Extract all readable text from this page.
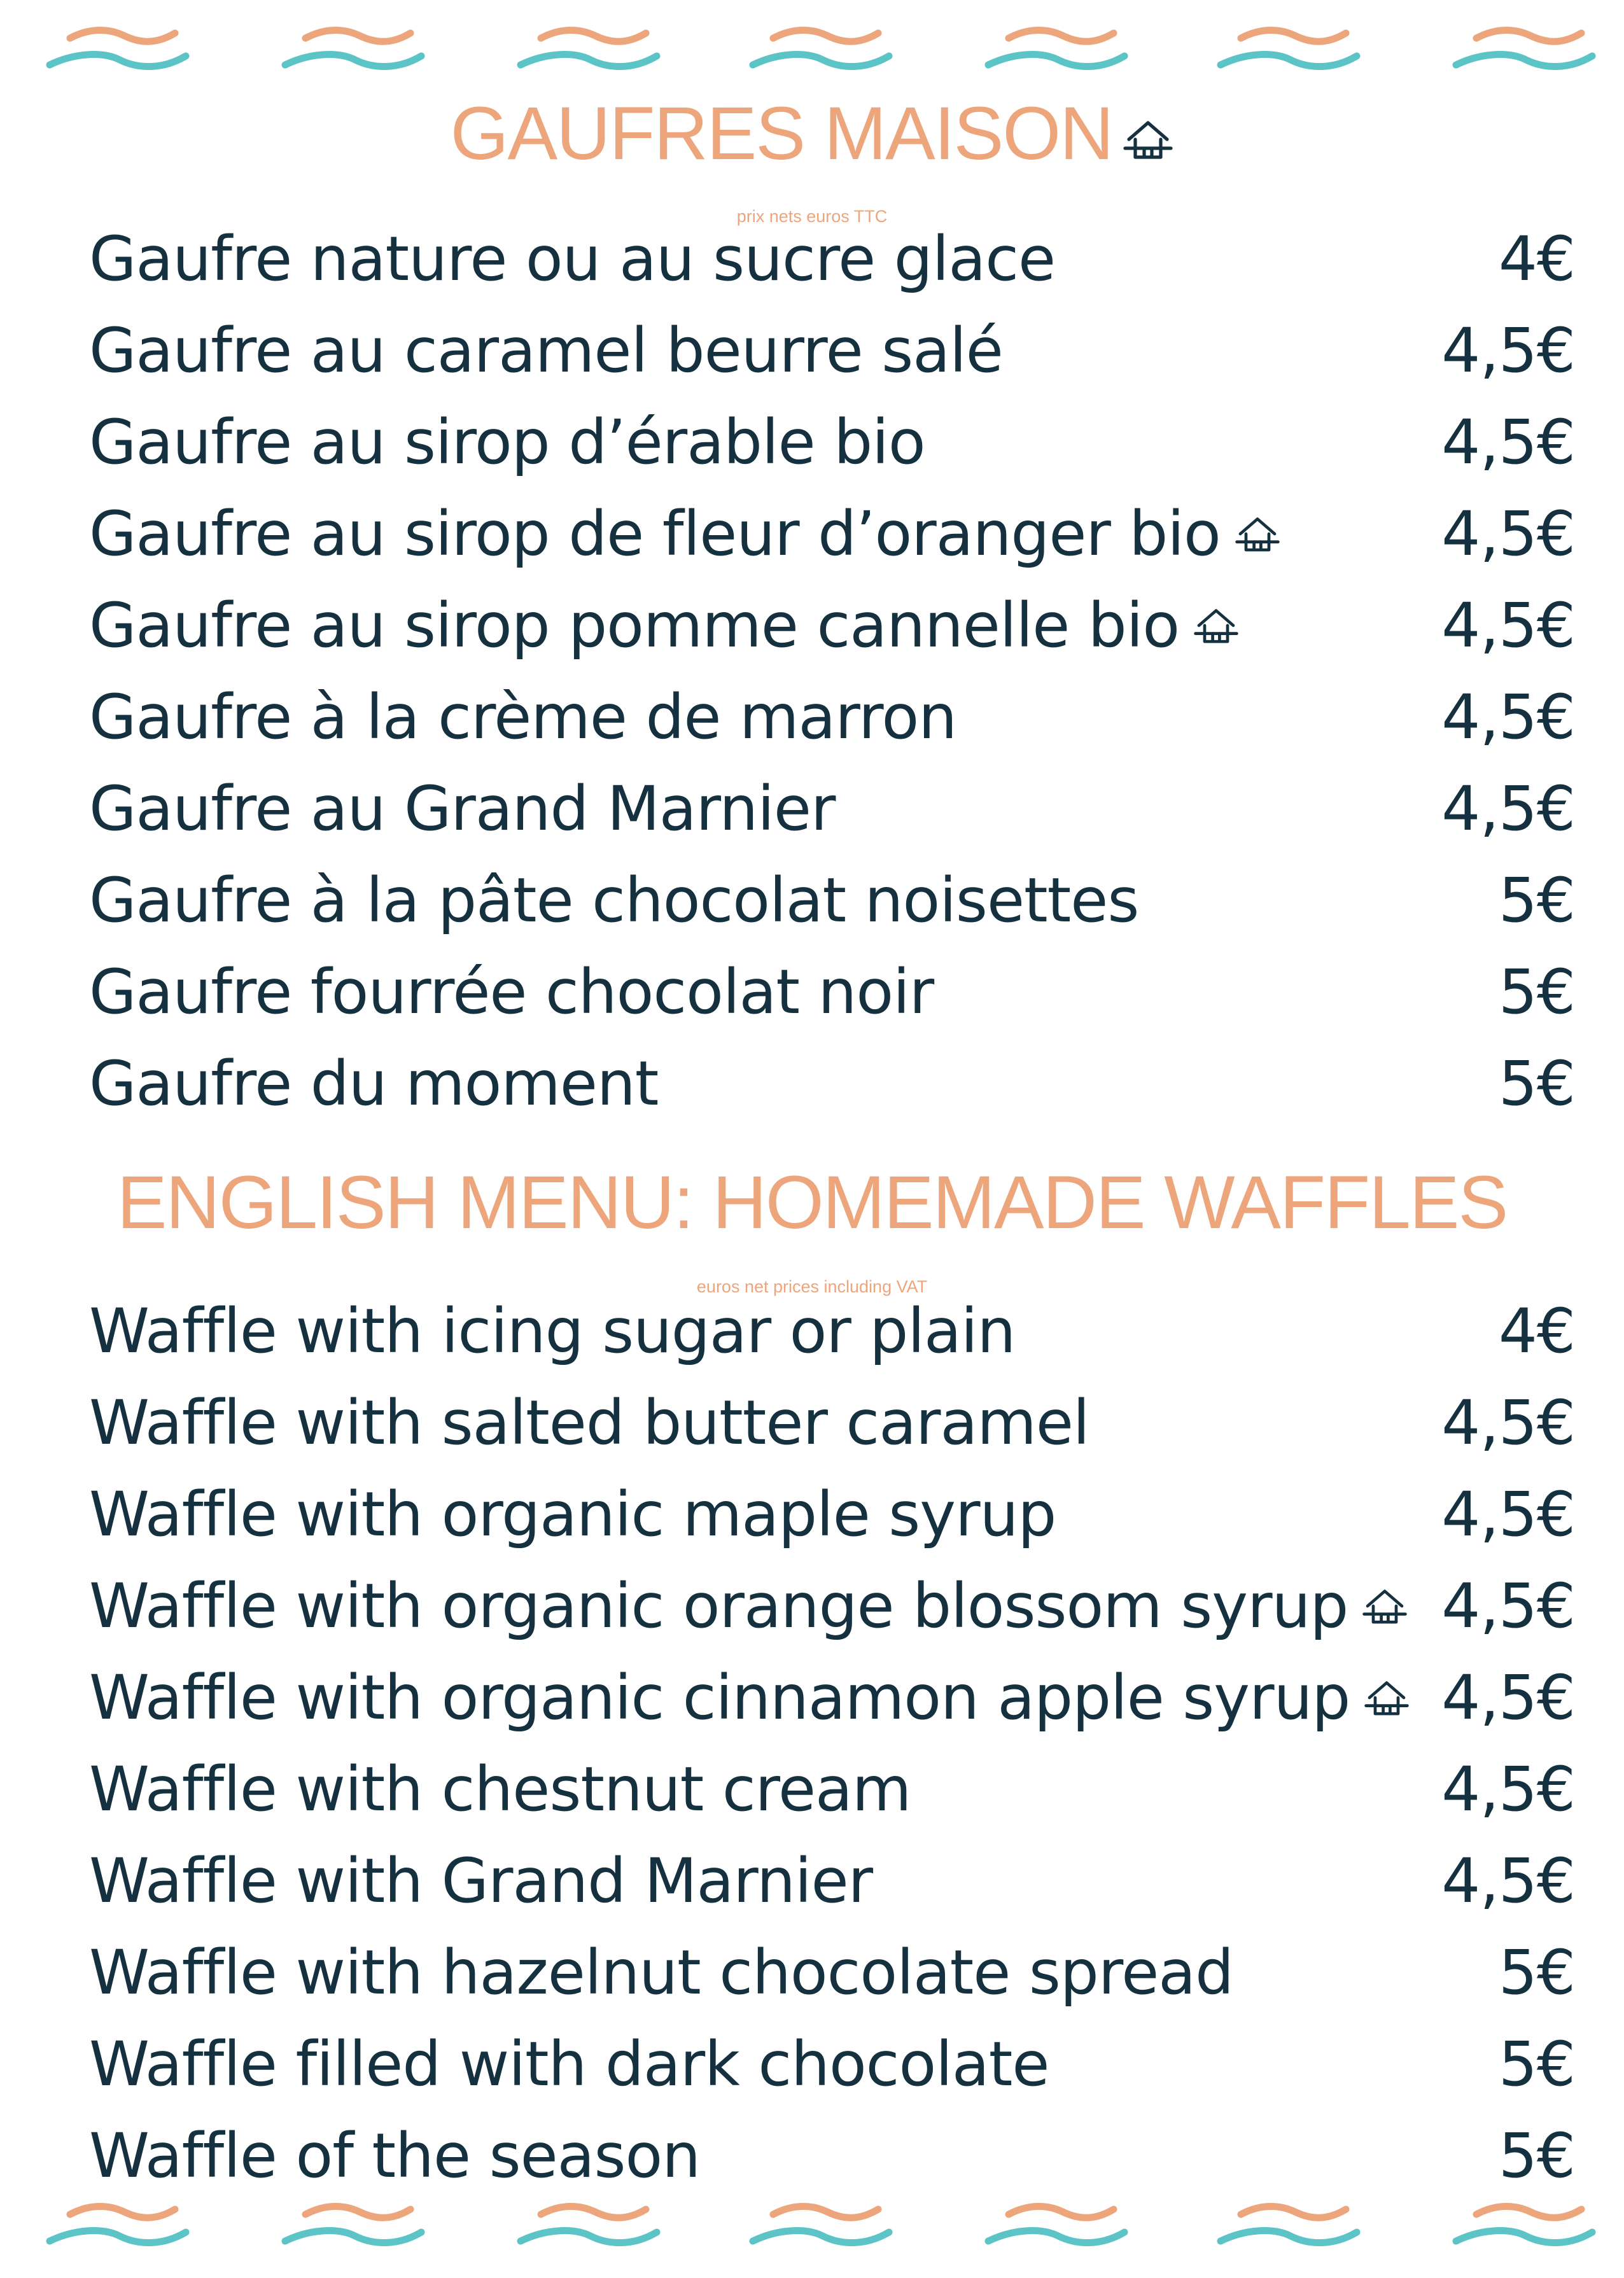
GAUFRES MAISON
prix nets euros TTC
Gaufre nature ou au sucre glace	4€
Gaufre au caramel beurre salé	4,5€
Gaufre au sirop d’érable bio	4,5€
Gaufre au sirop de fleur d’oranger bio	4,5€
Gaufre au sirop pomme cannelle bio	4,5€
Gaufre à la crème de marron	4,5€
Gaufre au Grand Marnier	4,5€
Gaufre à la pâte chocolat noisettes	5€
Gaufre fourrée chocolat noir	5€
Gaufre du moment	5€
ENGLISH MENU: HOMEMADE WAFFLES
euros net prices including VAT
Waffle with icing sugar or plain	4€
Waffle with salted butter caramel	4,5€
Waffle with organic maple syrup	4,5€
Waffle with organic orange blossom syrup 4,5€
Waffle with organic cinnamon apple syrup 4,5€
Waffle with chestnut cream	4,5€
Waffle with Grand Marnier	4,5€
Waffle with hazelnut chocolate spread	5€
Waffle filled with dark chocolate	5€
Waffle of the season	5€
